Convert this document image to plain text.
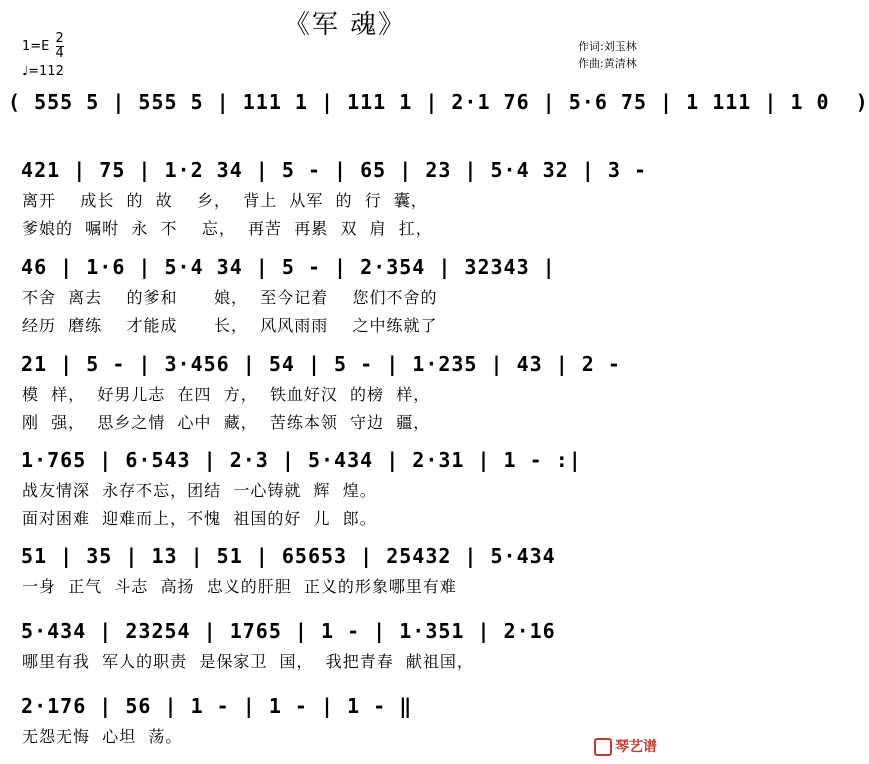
《军 魂》
$1=E \frac{2}{4}$
♩=112
作词:刘玉林
作曲:黄清林
( 555 5 | 555 5 | 111 1 | 111 1 | 2·1 76 | 5·6 75 | 1 111 | 1 0  )
421 | 75 | 1·2 34 | 5 - | 65 | 23 | 5·4 32 | 3 -
离开    成长  的  故    乡，  背上  从军  的  行  囊，
爹娘的  嘱咐  永  不    忘，  再苦  再累  双  肩  扛，
46 | 1·6 | 5·4 34 | 5 - | 2·354 | 32343 |
不舍  离去    的爹和      娘，  至今记着    您们不舍的
经历  磨练    才能成      长，  风风雨雨    之中练就了
21 | 5 - | 3·456 | 54 | 5 - | 1·235 | 43 | 2 -
模  样，  好男儿志  在四  方，  铁血好汉  的榜  样，
刚  强，  思乡之情  心中  藏，  苦练本领  守边  疆，
1·765 | 6·543 | 2·3 | 5·434 | 2·31 | 1 - :|
战友情深  永存不忘，团结  一心铸就  辉  煌。
面对困难  迎难而上，不愧  祖国的好  儿  郎。
51 | 35 | 13 | 51 | 65653 | 25432 | 5·434
一身  正气  斗志  高扬  忠义的肝胆  正义的形象哪里有难
5·434 | 23254 | 1765 | 1 - | 1·351 | 2·16
哪里有我  军人的职责  是保家卫  国，  我把青春  献祖国，
2·176 | 56 | 1 - | 1 - | 1 - ‖
无怨无悔  心坦  荡。
琴艺谱
